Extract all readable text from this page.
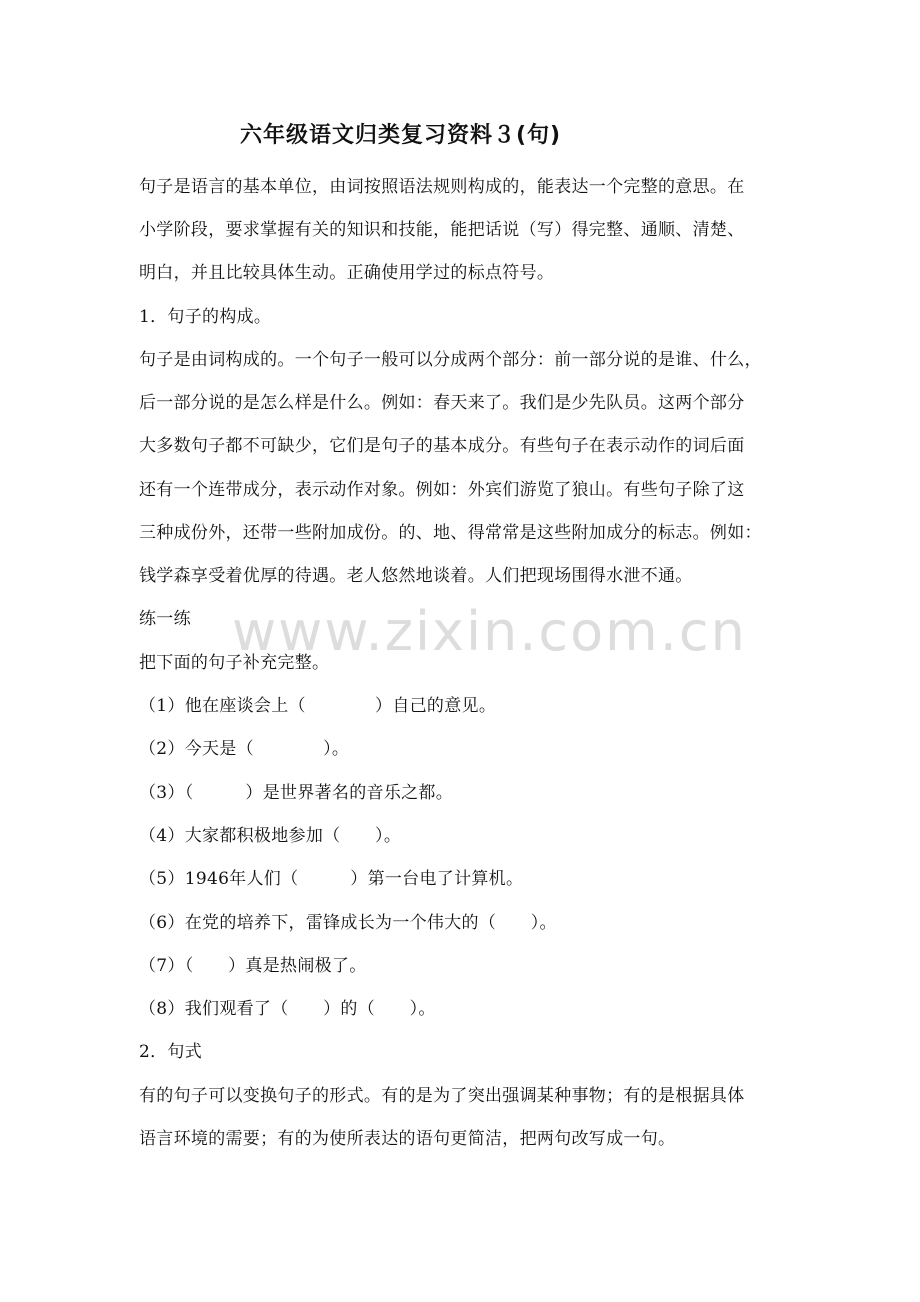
六年级语文归类复习资料３(句)
句子是语言的基本单位，由词按照语法规则构成的，能表达一个完整的意思。在
小学阶段，要求掌握有关的知识和技能，能把话说（写）得完整、通顺、清楚、
明白，并且比较具体生动。正确使用学过的标点符号。
1．句子的构成。
句子是由词构成的。一个句子一般可以分成两个部分：前一部分说的是谁、什么，
后一部分说的是怎么样是什么。例如：春天来了。我们是少先队员。这两个部分
大多数句子都不可缺少，它们是句子的基本成分。有些句子在表示动作的词后面
还有一个连带成分，表示动作对象。例如：外宾们游览了狼山。有些句子除了这
三种成份外，还带一些附加成份。的、地、得常常是这些附加成分的标志。例如：
钱学森享受着优厚的待遇。老人悠然地谈着。人们把现场围得水泄不通。
练一练
把下面的句子补充完整。
（1）他在座谈会上（　　　　）自己的意见。
（2）今天是（　　　　）。
（3）（　　　）是世界著名的音乐之都。
（4）大家都积极地参加（　　）。
（5）1946年人们（　　　）第一台电了计算机。
（6）在党的培养下，雷锋成长为一个伟大的（　　）。
（7）（　　）真是热闹极了。
（8）我们观看了（　　）的（　　）。
2．句式
有的句子可以变换句子的形式。有的是为了突出强调某种事物；有的是根据具体
语言环境的需要；有的为使所表达的语句更简洁，把两句改写成一句。
www.zixin.com.cn
